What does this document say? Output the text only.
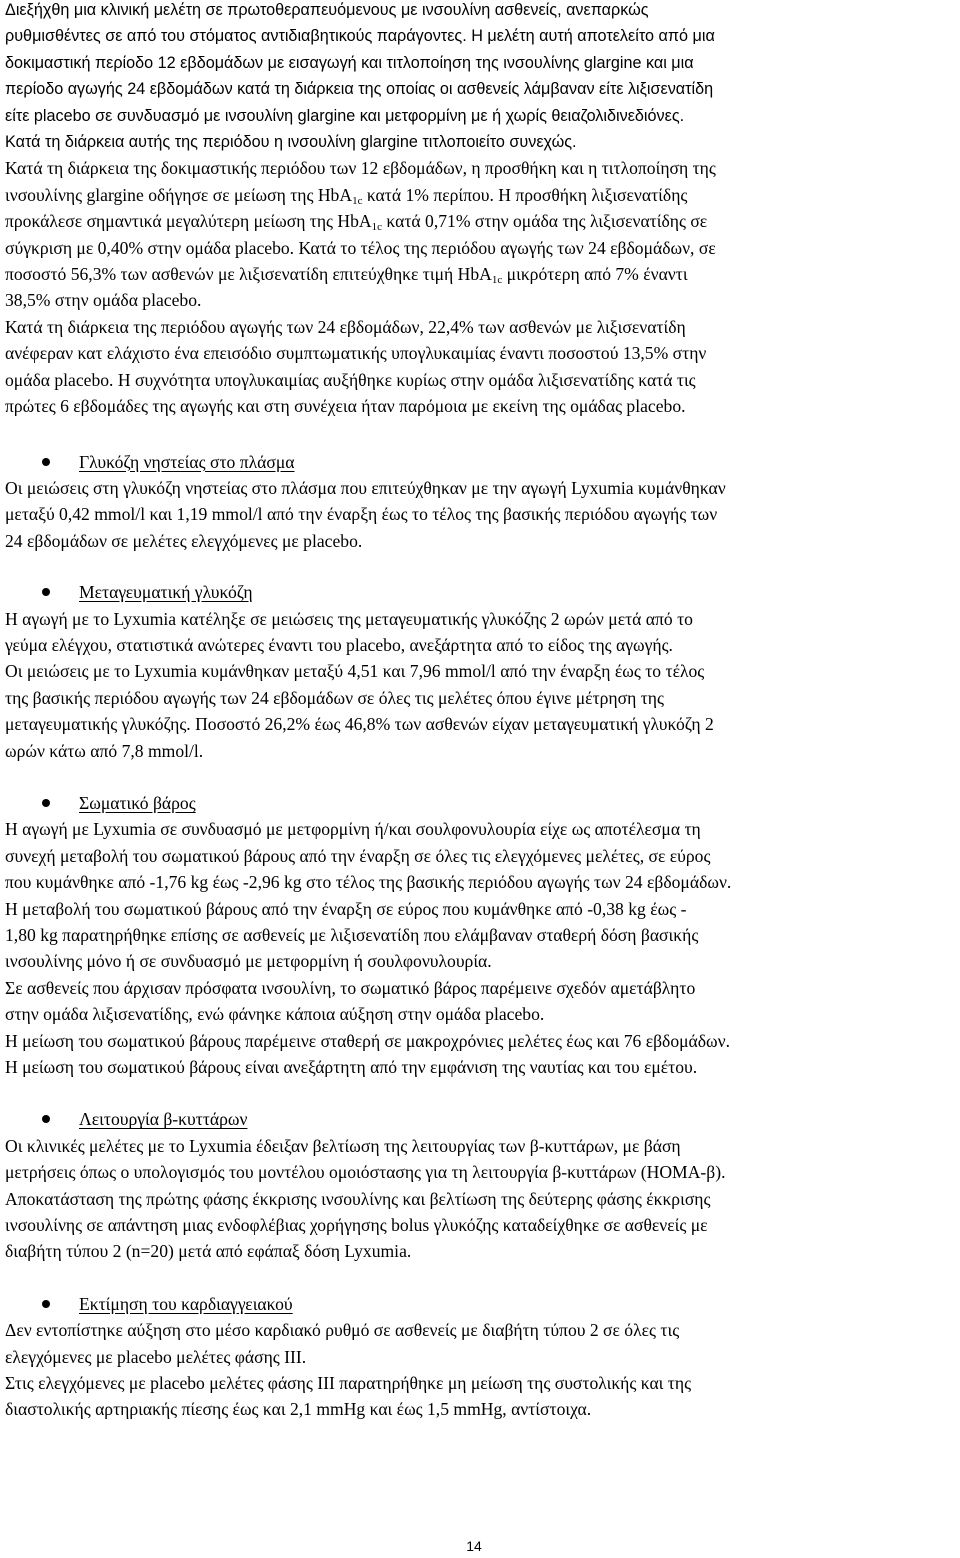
Διεξήχθη μια κλινική μελέτη σε πρωτοθεραπευόμενους με ινσουλίνη ασθενείς, ανεπαρκώς
ρυθμισθέντες σε από του στόματος αντιδιαβητικούς παράγοντες. Η μελέτη αυτή αποτελείτο από μια
δοκιμαστική περίοδο 12 εβδομάδων με εισαγωγή και τιτλοποίηση της ινσουλίνης glargine και μια
περίοδο αγωγής 24 εβδομάδων κατά τη διάρκεια της οποίας οι ασθενείς λάμβαναν είτε λιξισενατίδη
είτε placebo σε συνδυασμό με ινσουλίνη glargine και μετφορμίνη με ή χωρίς θειαζολιδινεδιόνες.
Κατά τη διάρκεια αυτής της περιόδου η ινσουλίνη glargine τιτλοποιείτο συνεχώς.
Κατά τη διάρκεια της δοκιμαστικής περιόδου των 12 εβδομάδων, η προσθήκη και η τιτλοποίηση της
ινσουλίνης glargine οδήγησε σε μείωση της HbA$_{1c}$ κατά 1% περίπου. Η προσθήκη λιξισενατίδης
προκάλεσε σημαντικά μεγαλύτερη μείωση της HbA$_{1c}$ κατά 0,71% στην ομάδα της λιξισενατίδης σε
σύγκριση με 0,40% στην ομάδα placebo. Κατά το τέλος της περιόδου αγωγής των 24 εβδομάδων, σε
ποσοστό 56,3% των ασθενών με λιξισενατίδη επιτεύχθηκε τιμή HbA$_{1c}$ μικρότερη από 7% έναντι
38,5% στην ομάδα placebo.
Κατά τη διάρκεια της περιόδου αγωγής των 24 εβδομάδων, 22,4% των ασθενών με λιξισενατίδη
ανέφεραν κατ ελάχιστο ένα επεισόδιο συμπτωματικής υπογλυκαιμίας έναντι ποσοστού 13,5% στην
ομάδα placebo. Η συχνότητα υπογλυκαιμίας αυξήθηκε κυρίως στην ομάδα λιξισενατίδης κατά τις
πρώτες 6 εβδομάδες της αγωγής και στη συνέχεια ήταν παρόμοια με εκείνη της ομάδας placebo.
Γλυκόζη νηστείας στο πλάσμα
Οι μειώσεις στη γλυκόζη νηστείας στο πλάσμα που επιτεύχθηκαν με την αγωγή Lyxumia κυμάνθηκαν
μεταξύ 0,42 mmol/l και 1,19 mmol/l από την έναρξη έως το τέλος της βασικής περιόδου αγωγής των
24 εβδομάδων σε μελέτες ελεγχόμενες με placebo.
Μεταγευματική γλυκόζη
Η αγωγή με το Lyxumia κατέληξε σε μειώσεις της μεταγευματικής γλυκόζης 2 ωρών μετά από το
γεύμα ελέγχου, στατιστικά ανώτερες έναντι του placebo, ανεξάρτητα από το είδος της αγωγής.
Οι μειώσεις με το Lyxumia κυμάνθηκαν μεταξύ 4,51 και 7,96 mmol/l από την έναρξη έως το τέλος
της βασικής περιόδου αγωγής των 24 εβδομάδων σε όλες τις μελέτες όπου έγινε μέτρηση της
μεταγευματικής γλυκόζης. Ποσοστό 26,2% έως 46,8% των ασθενών είχαν μεταγευματική γλυκόζη 2
ωρών κάτω από 7,8 mmol/l.
Σωματικό βάρος
Η αγωγή με Lyxumia σε συνδυασμό με μετφορμίνη ή/και σουλφονυλουρία είχε ως αποτέλεσμα τη
συνεχή μεταβολή του σωματικού βάρους από την έναρξη σε όλες τις ελεγχόμενες μελέτες, σε εύρος
που κυμάνθηκε από -1,76 kg έως -2,96 kg στο τέλος της βασικής περιόδου αγωγής των 24 εβδομάδων.
Η μεταβολή του σωματικού βάρους από την έναρξη σε εύρος που κυμάνθηκε από -0,38 kg έως -
1,80 kg παρατηρήθηκε επίσης σε ασθενείς με λιξισενατίδη που ελάμβαναν σταθερή δόση βασικής
ινσουλίνης μόνο ή σε συνδυασμό με μετφορμίνη ή σουλφονυλουρία.
Σε ασθενείς που άρχισαν πρόσφατα ινσουλίνη, το σωματικό βάρος παρέμεινε σχεδόν αμετάβλητο
στην ομάδα λιξισενατίδης, ενώ φάνηκε κάποια αύξηση στην ομάδα placebo.
Η μείωση του σωματικού βάρους παρέμεινε σταθερή σε μακροχρόνιες μελέτες έως και 76 εβδομάδων.
Η μείωση του σωματικού βάρους είναι ανεξάρτητη από την εμφάνιση της ναυτίας και του εμέτου.
Λειτουργία β-κυττάρων
Οι κλινικές μελέτες με το Lyxumia έδειξαν βελτίωση της λειτουργίας των β-κυττάρων, με βάση
μετρήσεις όπως ο υπολογισμός του μοντέλου ομοιόστασης για τη λειτουργία β-κυττάρων (HOMA-β).
Αποκατάσταση της πρώτης φάσης έκκρισης ινσουλίνης και βελτίωση της δεύτερης φάσης έκκρισης
ινσουλίνης σε απάντηση μιας ενδοφλέβιας χορήγησης bolus γλυκόζης καταδείχθηκε σε ασθενείς με
διαβήτη τύπου 2 (n=20) μετά από εφάπαξ δόση Lyxumia.
Εκτίμηση του καρδιαγγειακού
Δεν εντοπίστηκε αύξηση στο μέσο καρδιακό ρυθμό σε ασθενείς με διαβήτη τύπου 2 σε όλες τις
ελεγχόμενες με placebo μελέτες φάσης ΙΙΙ.
Στις ελεγχόμενες με placebo μελέτες φάσης ΙΙΙ παρατηρήθηκε μη μείωση της συστολικής και της
διαστολικής αρτηριακής πίεσης έως και 2,1 mmHg και έως 1,5 mmHg, αντίστοιχα.
14
